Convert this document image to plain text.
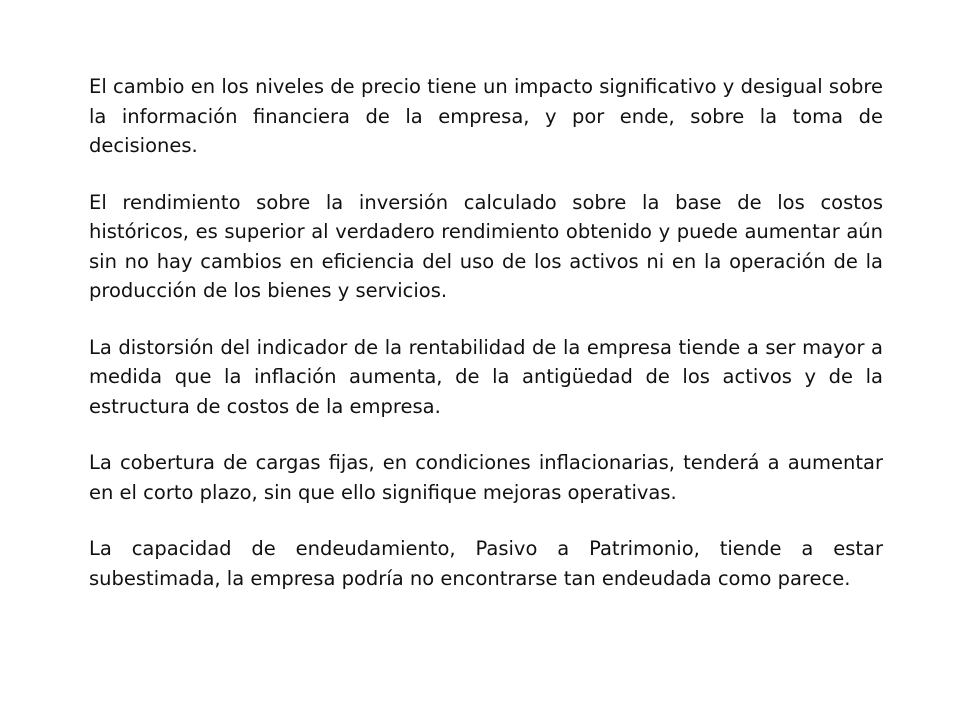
El cambio en los niveles de precio tiene un impacto significativo y desigual sobre la información financiera de la empresa, y por ende, sobre la toma de decisiones.

El rendimiento sobre la inversión calculado sobre la base de los costos históricos, es superior al verdadero rendimiento obtenido y puede aumentar aún sin no hay cambios en eficiencia del uso de los activos ni en la operación de la producción de los bienes y servicios.

La distorsión del indicador de la rentabilidad de la empresa tiende a ser mayor a medida que la inflación aumenta, de la antigüedad de los activos y de la estructura de costos de la empresa.

La cobertura de cargas fijas, en condiciones inflacionarias, tenderá a aumentar en el corto plazo, sin que ello signifique mejoras operativas.

La capacidad de endeudamiento, Pasivo a Patrimonio, tiende a estar subestimada, la empresa podría no encontrarse tan endeudada como parece.
